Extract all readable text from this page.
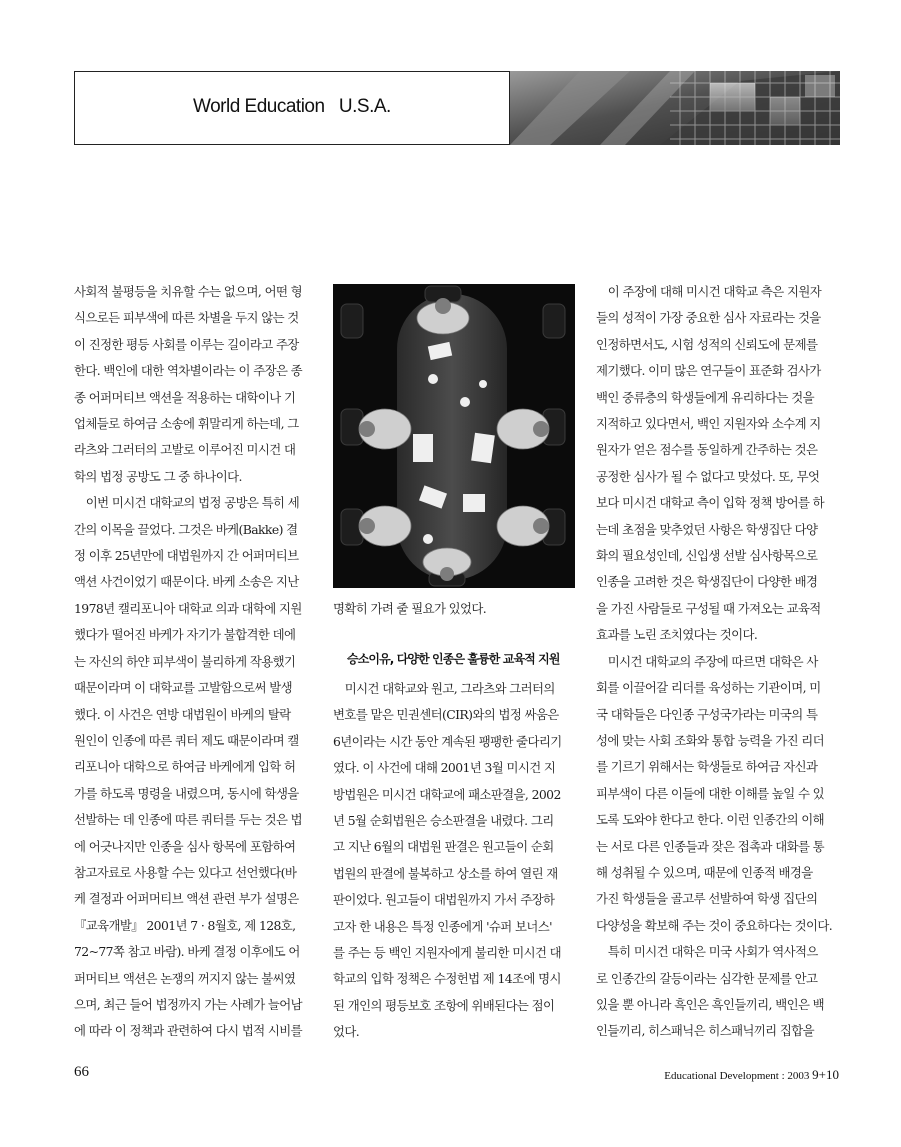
World Education   U.S.A.

사회적 불평등을 치유할 수는 없으며, 어떤 형

식으로든 피부색에 따른 차별을 두지 않는 것

이 진정한 평등 사회를 이루는 길이라고 주장

한다. 백인에 대한 역차별이라는 이 주장은 종

종 어퍼머티브 액션을 적용하는 대학이나 기

업체들로 하여금 소송에 휘말리게 하는데, 그

라츠와 그러터의 고발로 이루어진 미시건 대

학의 법정 공방도 그 중 하나이다.

　이번 미시건 대학교의 법정 공방은 특히 세

간의 이목을 끌었다. 그것은 바케(Bakke) 결

정 이후 25년만에 대법원까지 간 어퍼머티브

액션 사건이었기 때문이다. 바케 소송은 지난

1978년 캘리포니아 대학교 의과 대학에 지원

했다가 떨어진 바케가 자기가 불합격한 데에

는 자신의 하얀 피부색이 불리하게 작용했기

때문이라며 이 대학교를 고발함으로써 발생

했다. 이 사건은 연방 대법원이 바케의 탈락

원인이 인종에 따른 쿼터 제도 때문이라며 캘

리포니아 대학으로 하여금 바케에게 입학 허

가를 하도록 명령을 내렸으며, 동시에 학생을

선발하는 데 인종에 따른 쿼터를 두는 것은 법

에 어긋나지만 인종을 심사 항목에 포함하여

참고자료로 사용할 수는 있다고 선언했다(바

케 결정과 어퍼머티브 액션 관련 부가 설명은

『교육개발』 2001년 7 · 8월호, 제 128호,

72~77쪽 참고 바람). 바케 결정 이후에도 어

퍼머티브 액션은 논쟁의 꺼지지 않는 불씨였

으며, 최근 들어 법정까지 가는 사례가 늘어남

에 따라 이 정책과 관련하여 다시 법적 시비를

명확히 가려 줄 필요가 있었다.

승소이유, 다양한 인종은 훌륭한 교육적 지원

　미시건 대학교와 원고, 그라츠와 그러터의

변호를 맡은 민권센터(CIR)와의 법정 싸움은

6년이라는 시간 동안 계속된 팽팽한 줄다리기

였다. 이 사건에 대해 2001년 3월 미시건 지

방법원은 미시건 대학교에 패소판결을, 2002

년 5월 순회법원은 승소판결을 내렸다. 그리

고 지난 6월의 대법원 판결은 원고들이 순회

법원의 판결에 불복하고 상소를 하여 열린 재

판이었다. 원고들이 대법원까지 가서 주장하

고자 한 내용은 특정 인종에게 '슈퍼 보너스'

를 주는 등 백인 지원자에게 불리한 미시건 대

학교의 입학 정책은 수정헌법 제 14조에 명시

된 개인의 평등보호 조항에 위배된다는 점이

었다.

　이 주장에 대해 미시건 대학교 측은 지원자

들의 성적이 가장 중요한 심사 자료라는 것을

인정하면서도, 시험 성적의 신뢰도에 문제를

제기했다. 이미 많은 연구들이 표준화 검사가

백인 중류층의 학생들에게 유리하다는 것을

지적하고 있다면서, 백인 지원자와 소수계 지

원자가 얻은 점수를 동일하게 간주하는 것은

공정한 심사가 될 수 없다고 맞섰다. 또, 무엇

보다 미시건 대학교 측이 입학 정책 방어를 하

는데 초점을 맞추었던 사항은 학생집단 다양

화의 필요성인데, 신입생 선발 심사항목으로

인종을 고려한 것은 학생집단이 다양한 배경

을 가진 사람들로 구성될 때 가져오는 교육적

효과를 노린 조치였다는 것이다.

　미시건 대학교의 주장에 따르면 대학은 사

회를 이끌어갈 리더를 육성하는 기관이며, 미

국 대학들은 다인종 구성국가라는 미국의 특

성에 맞는 사회 조화와 통합 능력을 가진 리더

를 기르기 위해서는 학생들로 하여금 자신과

피부색이 다른 이들에 대한 이해를 높일 수 있

도록 도와야 한다고 한다. 이런 인종간의 이해

는 서로 다른 인종들과 잦은 접촉과 대화를 통

해 성취될 수 있으며, 때문에 인종적 배경을

가진 학생들을 골고루 선발하여 학생 집단의

다양성을 확보해 주는 것이 중요하다는 것이다.

　특히 미시건 대학은 미국 사회가 역사적으

로 인종간의 갈등이라는 심각한 문제를 안고

있을 뿐 아니라 흑인은 흑인들끼리, 백인은 백

인들끼리, 히스패닉은 히스패닉끼리 집합을

66	Educational Development : 2003 9+10
